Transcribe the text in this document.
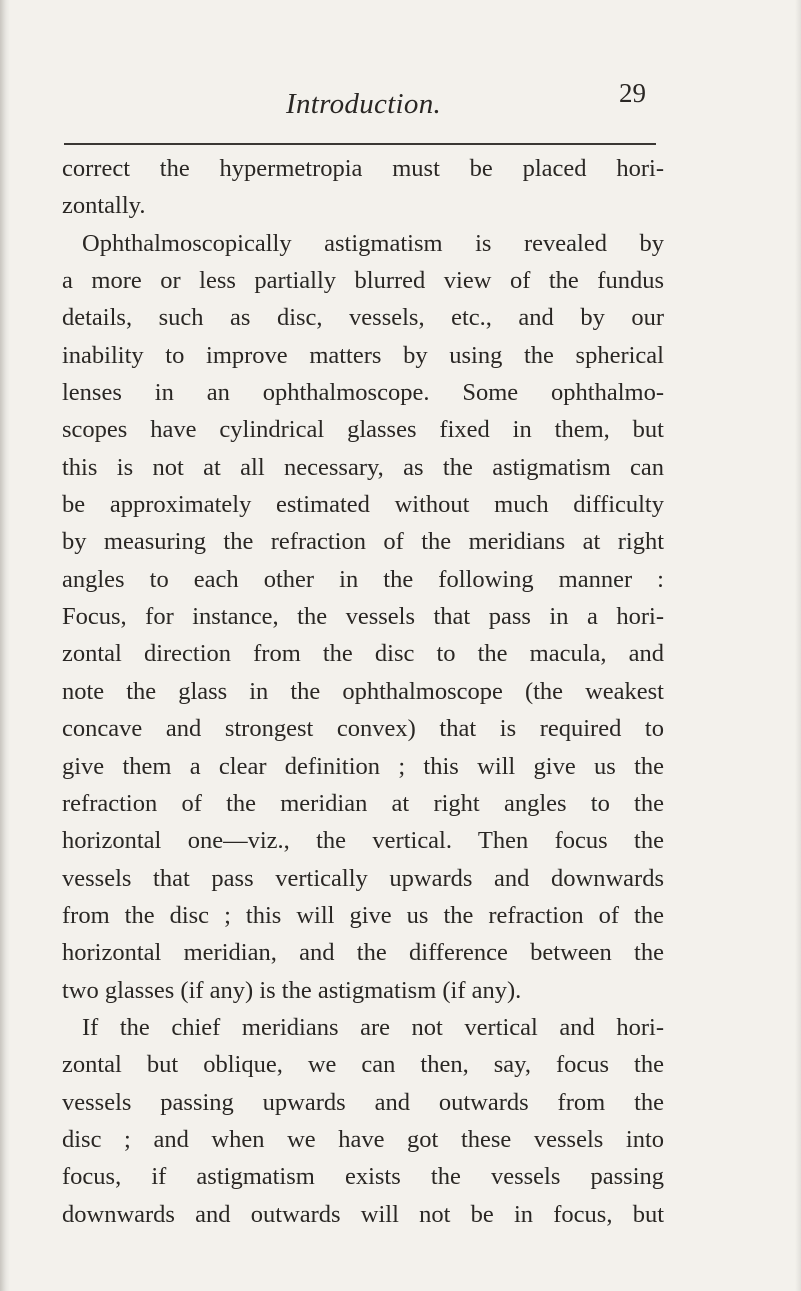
Introduction.	29
correct the hypermetropia must be placed hori-
zontally.
Ophthalmoscopically astigmatism is revealed by
a more or less partially blurred view of the fundus
details, such as disc, vessels, etc., and by our
inability to improve matters by using the spherical
lenses in an ophthalmoscope. Some ophthalmo-
scopes have cylindrical glasses fixed in them, but
this is not at all necessary, as the astigmatism can
be approximately estimated without much difficulty
by measuring the refraction of the meridians at right
angles to each other in the following manner :
Focus, for instance, the vessels that pass in a hori-
zontal direction from the disc to the macula, and
note the glass in the ophthalmoscope (the weakest
concave and strongest convex) that is required to
give them a clear definition ; this will give us the
refraction of the meridian at right angles to the
horizontal one—viz., the vertical. Then focus the
vessels that pass vertically upwards and downwards
from the disc ; this will give us the refraction of the
horizontal meridian, and the difference between the
two glasses (if any) is the astigmatism (if any).
If the chief meridians are not vertical and hori-
zontal but oblique, we can then, say, focus the
vessels passing upwards and outwards from the
disc ; and when we have got these vessels into
focus, if astigmatism exists the vessels passing
downwards and outwards will not be in focus, but
